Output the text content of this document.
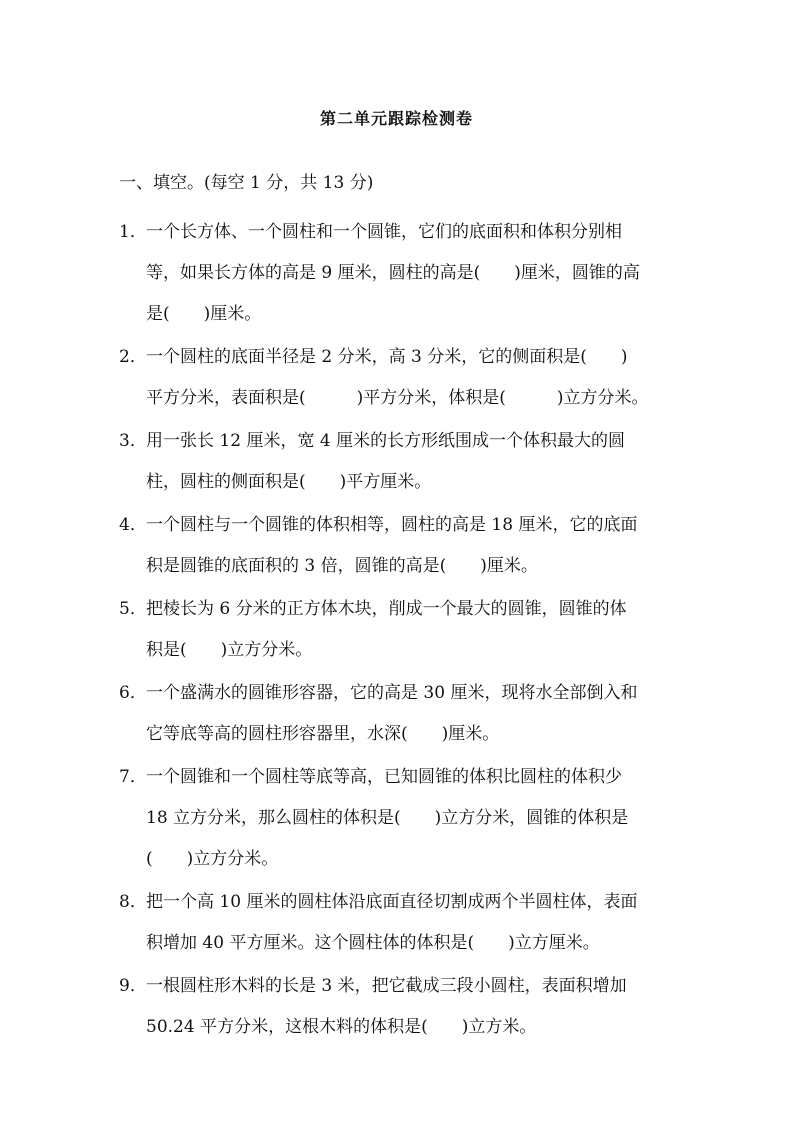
第二单元跟踪检测卷
一、填空。(每空 1 分，共 13 分)
1．一个长方体、一个圆柱和一个圆锥，它们的底面积和体积分别相
等，如果长方体的高是 9 厘米，圆柱的高是(　　)厘米，圆锥的高
是(　　)厘米。
2．一个圆柱的底面半径是 2 分米，高 3 分米，它的侧面积是(　　)
平方分米，表面积是(　　　)平方分米，体积是(　　　)立方分米。
3．用一张长 12 厘米，宽 4 厘米的长方形纸围成一个体积最大的圆
柱，圆柱的侧面积是(　　)平方厘米。
4．一个圆柱与一个圆锥的体积相等，圆柱的高是 18 厘米，它的底面
积是圆锥的底面积的 3 倍，圆锥的高是(　　)厘米。
5．把棱长为 6 分米的正方体木块，削成一个最大的圆锥，圆锥的体
积是(　　)立方分米。
6．一个盛满水的圆锥形容器，它的高是 30 厘米，现将水全部倒入和
它等底等高的圆柱形容器里，水深(　　)厘米。
7．一个圆锥和一个圆柱等底等高，已知圆锥的体积比圆柱的体积少
18 立方分米，那么圆柱的体积是(　　)立方分米，圆锥的体积是
(　　)立方分米。
8．把一个高 10 厘米的圆柱体沿底面直径切割成两个半圆柱体，表面
积增加 40 平方厘米。这个圆柱体的体积是(　　)立方厘米。
9．一根圆柱形木料的长是 3 米，把它截成三段小圆柱，表面积增加
50.24 平方分米，这根木料的体积是(　　)立方米。
